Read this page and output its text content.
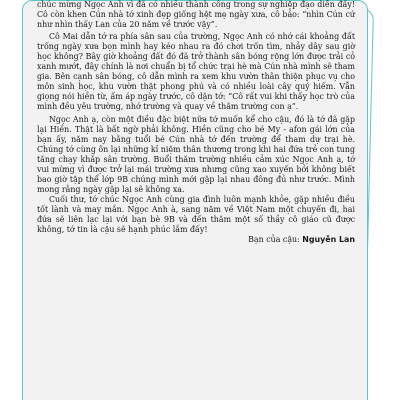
chúc mừng Ngọc Anh vì đã có nhiều thành công trong sự nghiệp đạo diễn đấy! Cô còn khen Cún nhà tớ xinh đẹp giống hệt mẹ ngày xưa, cô bảo: “nhìn Cún cứ như nhìn thấy Lan của 20 năm về trước vậy”.

Cô Mai dẫn tớ ra phía sân sau của trường, Ngọc Anh có nhớ cái khoảng đất trống ngày xưa bọn mình hay kéo nhau ra đó chơi trốn tìm, nhảy dây sau giờ học không? Bây giờ khoảng đất đó đã trở thành sân bóng rộng lớn được trải cỏ xanh mướt, đây chính là nơi chuẩn bị tổ chức trại hè mà Cún nhà mình sẽ tham gia. Bên cạnh sân bóng, cô dẫn mình ra xem khu vườn thân thiện phục vụ cho môn sinh học, khu vườn thật phong phú và có nhiều loài cây quý hiếm. Vẫn giọng nói hiền từ, ấm áp ngày trước, cô dặn tớ: “Cô rất vui khi thấy học trò của mình đều yêu trường, nhớ trường và quay về thăm trường con ạ”.

Ngọc Anh ạ, còn một điều đặc biệt nữa tớ muốn kể cho cậu, đó là tớ đã gặp lại Hiền. Thật là bất ngờ phải không. Hiền cũng cho bé My - afon gái lớn của bạn ấy, năm nay bằng tuổi bé Cún nhà tớ đến trường để tham dự trại hè. Chúng tớ cùng ôn lại những kỉ niệm thân thương trong khi hai đứa trẻ con tung tăng chạy khắp sân trường. Buổi thăm trường nhiều cảm xúc Ngọc Anh ạ, tớ vui mừng vì được trở lại mái trường xưa nhưng cũng xao xuyến bởi không biết bao giờ tập thể lớp 9B chúng mình mới gặp lại nhau đông đủ như trước. Mình mong rằng ngày gặp lại sẽ không xa.

Cuối thư, tớ chúc Ngọc Anh cùng gia đình luôn mạnh khỏe, gặp nhiều điều tốt lành và may mắn. Ngọc Anh à, sang năm về Việt Nam một chuyến đi, hai đứa sẽ liên lạc lại với bạn bè 9B và đến thăm một số thầy cô giáo cũ được không, tớ tin là cậu sẽ hạnh phúc lắm đấy!

Bạn của cậu: Nguyễn Lan
